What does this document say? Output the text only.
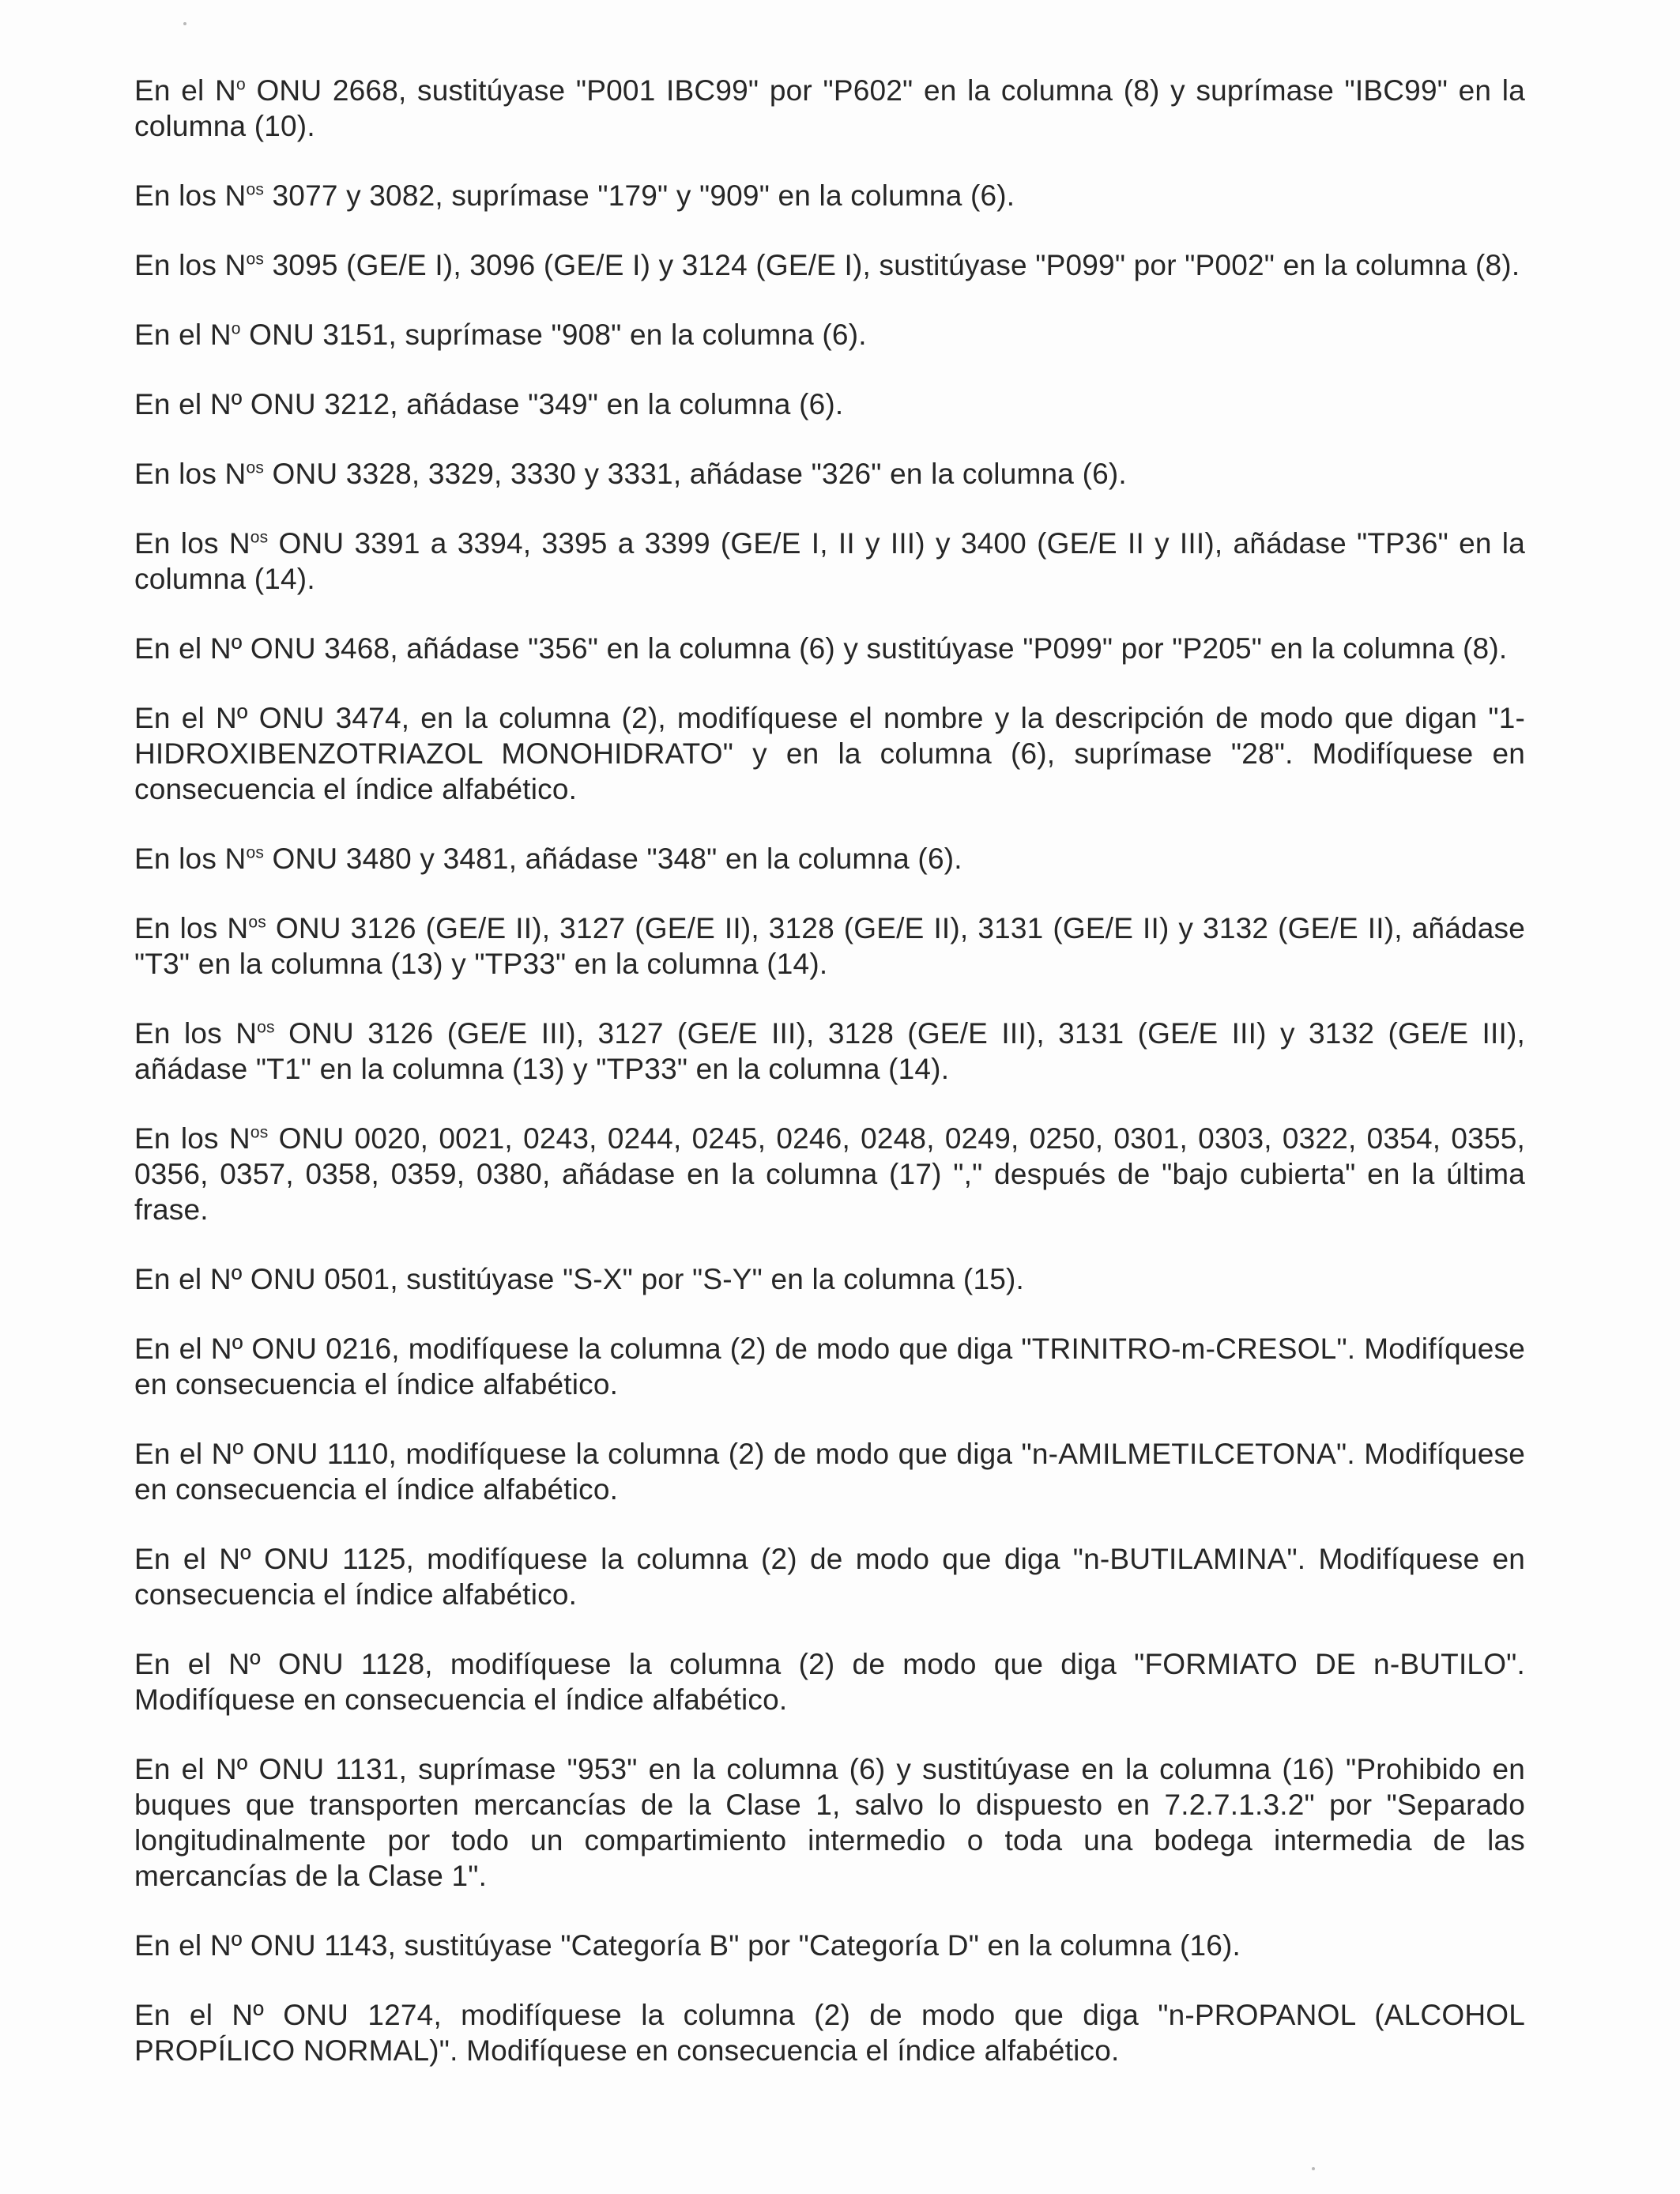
En el $N^o$ ONU 2668, sustitúyase "P001 IBC99" por "P602" en la columna (8) y suprímase "IBC99" en la columna (10).

En los $N^{os}$ 3077 y 3082, suprímase "179" y "909" en la columna (6).

En los $N^{os}$ 3095 (GE/E I), 3096 (GE/E I) y 3124 (GE/E I), sustitúyase "P099" por "P002" en la columna (8).

En el $N^o$ ONU 3151, suprímase "908" en la columna (6).

En el Nº ONU 3212, añádase "349" en la columna (6).

En los $N^{os}$ ONU 3328, 3329, 3330 y 3331, añádase "326" en la columna (6).

En los $N^{os}$ ONU 3391 a 3394, 3395 a 3399 (GE/E I, II y III) y 3400 (GE/E II y III), añádase "TP36" en la columna (14).

En el Nº ONU 3468, añádase "356" en la columna (6) y sustitúyase "P099" por "P205" en la columna (8).

En el Nº ONU 3474, en la columna (2), modifíquese el nombre y la descripción de modo que digan "1-HIDROXIBENZOTRIAZOL MONOHIDRATO" y en la columna (6), suprímase "28". Modifíquese en consecuencia el índice alfabético.

En los $N^{os}$ ONU 3480 y 3481, añádase "348" en la columna (6).

En los $N^{os}$ ONU 3126 (GE/E II), 3127 (GE/E II), 3128 (GE/E II), 3131 (GE/E II) y 3132 (GE/E II), añádase "T3" en la columna (13) y "TP33" en la columna (14).

En los $N^{os}$ ONU 3126 (GE/E III), 3127 (GE/E III), 3128 (GE/E III), 3131 (GE/E III) y 3132 (GE/E III), añádase "T1" en la columna (13) y "TP33" en la columna (14).

En los $N^{os}$ ONU 0020, 0021, 0243, 0244, 0245, 0246, 0248, 0249, 0250, 0301, 0303, 0322, 0354, 0355, 0356, 0357, 0358, 0359, 0380, añádase en la columna (17) "," después de "bajo cubierta" en la última frase.

En el Nº ONU 0501, sustitúyase "S-X" por "S-Y" en la columna (15).

En el Nº ONU 0216, modifíquese la columna (2) de modo que diga "TRINITRO-m-CRESOL". Modifíquese en consecuencia el índice alfabético.

En el Nº ONU 1110, modifíquese la columna (2) de modo que diga "n-AMILMETILCETONA". Modifíquese en consecuencia el índice alfabético.

En el Nº ONU 1125, modifíquese la columna (2) de modo que diga "n-BUTILAMINA". Modifíquese en consecuencia el índice alfabético.

En el Nº ONU 1128, modifíquese la columna (2) de modo que diga "FORMIATO DE n-BUTILO". Modifíquese en consecuencia el índice alfabético.

En el Nº ONU 1131, suprímase "953" en la columna (6) y sustitúyase en la columna (16) "Prohibido en buques que transporten mercancías de la Clase 1, salvo lo dispuesto en 7.2.7.1.3.2" por "Separado longitudinalmente por todo un compartimiento intermedio o toda una bodega intermedia de las mercancías de la Clase 1".

En el Nº ONU 1143, sustitúyase "Categoría B" por "Categoría D" en la columna (16).

En el Nº ONU 1274, modifíquese la columna (2) de modo que diga "n-PROPANOL (ALCOHOL PROPÍLICO NORMAL)". Modifíquese en consecuencia el índice alfabético.
